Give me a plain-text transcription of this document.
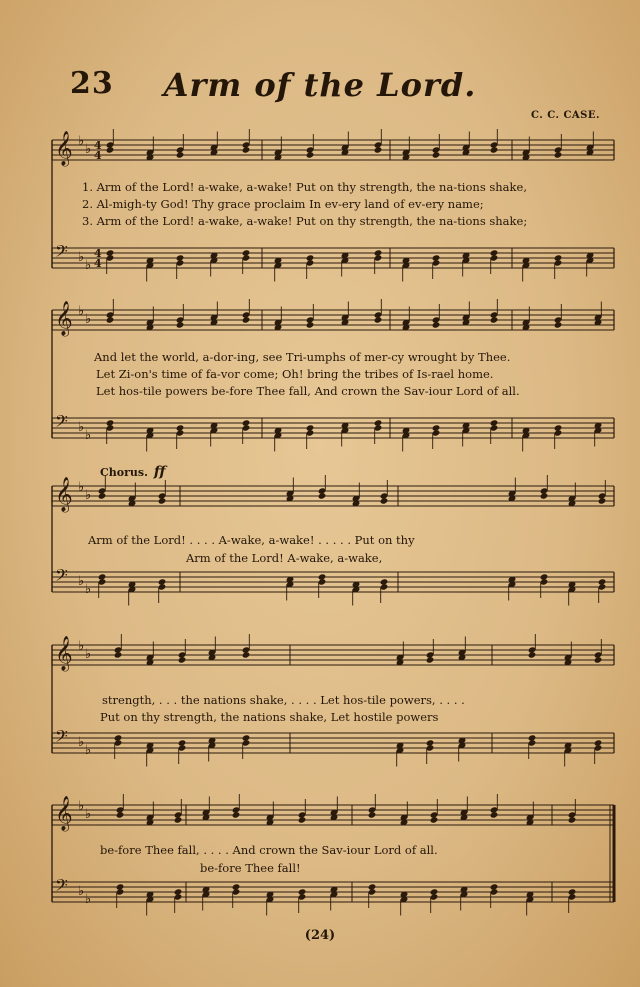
23	Arm of the Lord.
C. C. CASE.
𝄞 ♭
♭
𝄢 ♭
♭
𝄞 ♭
♭
𝄢 ♭
♭
𝄞 ♭
♭
𝄢 ♭
♭
𝄞 ♭
♭
𝄢 ♭
♭
𝄞 ♭
♭
𝄢 ♭
♭
4
4
4
4
1. Arm of the Lord! a-wake, a-wake! Put on thy strength, the na-tions shake,
2. Al-migh-ty God! Thy grace proclaim In ev-ery land of ev-ery name;
3. Arm of the Lord! a-wake, a-wake! Put on thy strength, the na-tions shake;
And let the world, a-dor-ing, see Tri-umphs of mer-cy wrought by Thee.
Let Zi-on's time of fa-vor come; Oh! bring the tribes of Is-rael home.
Let hos-tile powers be-fore Thee fall, And crown the Sav-iour Lord of all.
Chorus. ff
Arm of the Lord! . . . . A-wake, a-wake! . . . . . Put on thy
Arm of the Lord! A-wake, a-wake,
strength, . . . the nations shake, . . . . Let hos-tile powers, . . . .
Put on thy strength, the nations shake, Let hostile powers
be-fore Thee fall, . . . . And crown the Sav-iour Lord of all.
be-fore Thee fall!
(24)
